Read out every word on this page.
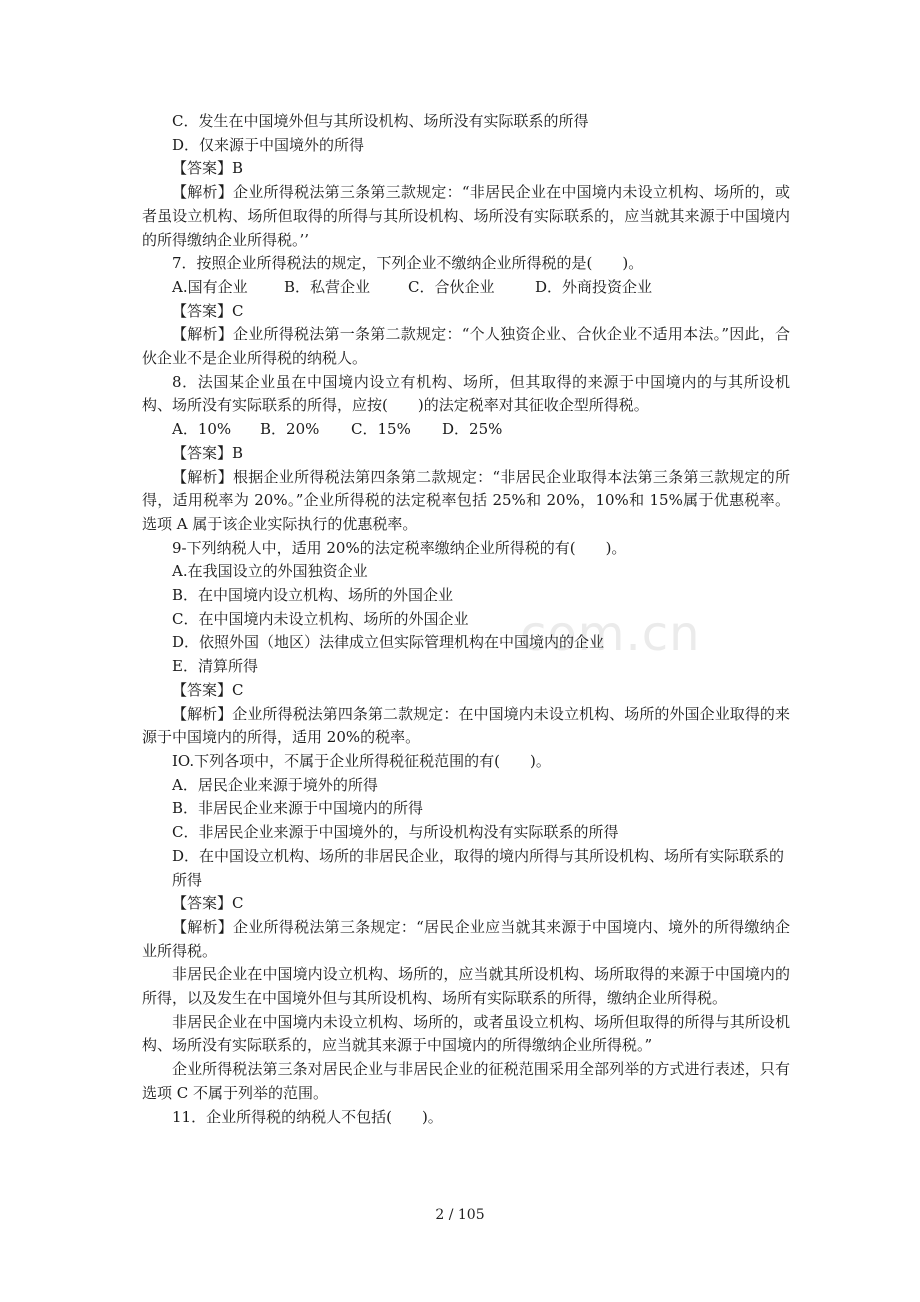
com.cn
C．发生在中国境外但与其所设机构、场所没有实际联系的所得
D．仅来源于中国境外的所得
【答案】B
【解析】企业所得税法第三条第三款规定：“非居民企业在中国境内未设立机构、场所的，或者虽设立机构、场所但取得的所得与其所设机构、场所没有实际联系的，应当就其来源于中国境内的所得缴纳企业所得税。’’
7．按照企业所得税法的规定，下列企业不缴纳企业所得税的是(　　)。
A.国有企业 B．私营企业	C．合伙企业	D．外商投资企业
【答案】C
【解析】企业所得税法第一条第二款规定：“个人独资企业、合伙企业不适用本法。”因此，合伙企业不是企业所得税的纳税人。
8．法国某企业虽在中国境内设立有机构、场所，但其取得的来源于中国境内的与其所设机构、场所没有实际联系的所得，应按(　　)的法定税率对其征收企型所得税。
A．10% B．20% C．15% D．25%
【答案】B
【解析】根据企业所得税法第四条第二款规定：“非居民企业取得本法第三条第三款规定的所得，适用税率为 20%。”企业所得税的法定税率包括 25%和 20%，10%和 15%属于优惠税率。选项 A 属于该企业实际执行的优惠税率。
9-下列纳税人中，适用 20%的法定税率缴纳企业所得税的有(　　)。
A.在我国设立的外国独资企业
B．在中国境内设立机构、场所的外国企业
C．在中国境内未设立机构、场所的外国企业
D．依照外国（地区）法律成立但实际管理机构在中国境内的企业
E．清算所得
【答案】C
【解析】企业所得税法第四条第二款规定：在中国境内未设立机构、场所的外国企业取得的来源于中国境内的所得，适用 20%的税率。
IO.下列各项中，不属于企业所得税征税范围的有(　　)。
A．居民企业来源于境外的所得
B．非居民企业来源于中国境内的所得
C．非居民企业来源于中国境外的，与所设机构没有实际联系的所得
D．在中国设立机构、场所的非居民企业，取得的境内所得与其所设机构、场所有实际联系的所得
【答案】C
【解析】企业所得税法第三条规定：“居民企业应当就其来源于中国境内、境外的所得缴纳企业所得税。
非居民企业在中国境内设立机构、场所的，应当就其所设机构、场所取得的来源于中国境内的所得，以及发生在中国境外但与其所设机构、场所有实际联系的所得，缴纳企业所得税。
非居民企业在中国境内未设立机构、场所的，或者虽设立机构、场所但取得的所得与其所设机构、场所没有实际联系的，应当就其来源于中国境内的所得缴纳企业所得税。”
企业所得税法第三条对居民企业与非居民企业的征税范围采用全部列举的方式进行表述，只有选项 C 不属于列举的范围。
11．企业所得税的纳税人不包括(　　)。
2 / 105
